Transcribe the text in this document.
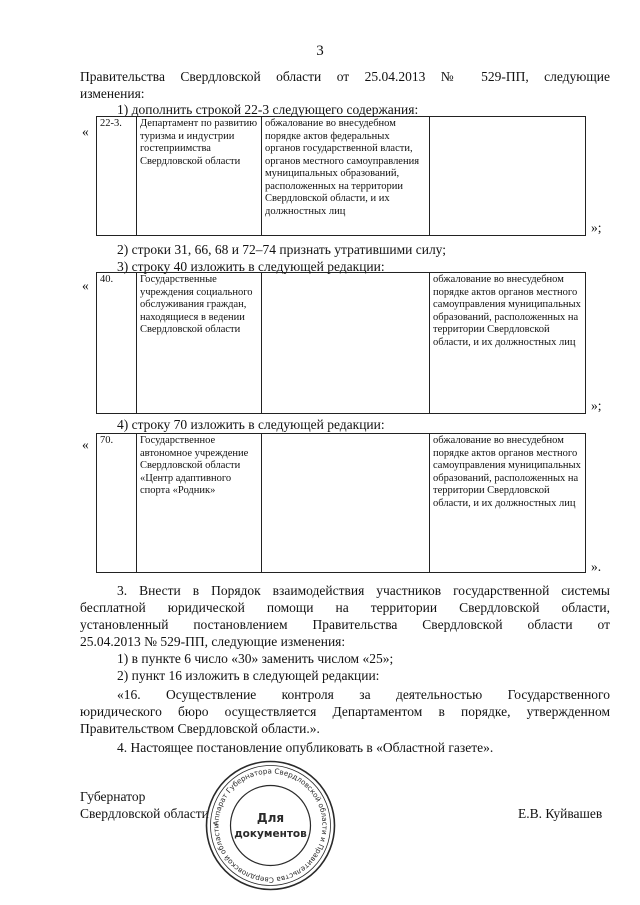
3
Правительства Свердловской области от 25.04.2013 № 529-ПП, следующие
изменения:
1) дополнить строкой 22-3 следующего содержания:
«
22-3.	Департамент по развитию туризма и индустрии гостеприимства Свердловской области	обжалование во внесудебном порядке актов федеральных органов государственной власти, органов местного самоуправления муниципальных образований, расположенных на территории Свердловской области, и их должностных лиц	
»;
2) строки 31, 66, 68 и 72–74 признать утратившими силу;
3) строку 40 изложить в следующей редакции:
« 40.	Государственные учреждения социального обслуживания граждан, находящиеся в ведении Свердловской области		обжалование во внесудебном порядке актов органов местного самоуправления муниципальных образований, расположенных на территории Свердловской области, и их должностных лиц
»;
4) строку 70 изложить в следующей редакции:
« 70.	Государственное автономное учреждение Свердловской области «Центр адаптивного спорта «Родник»		обжалование во внесудебном порядке актов органов местного самоуправления муниципальных образований, расположенных на территории Свердловской области, и их должностных лиц
».
3. Внести в Порядок взаимодействия участников государственной системы
бесплатной юридической помощи на территории Свердловской области,
установленный постановлением Правительства Свердловской области от
25.04.2013 № 529-ПП, следующие изменения:
1) в пункте 6 число «30» заменить числом «25»;
2) пункт 16 изложить в следующей редакции:
«16. Осуществление контроля за деятельностью Государственного
юридического бюро осуществляется Департаментом в порядке, утвержденном
Правительством Свердловской области.».
4. Настоящее постановление опубликовать в «Областной газете».
Губернатор
Свердловской области	Е.В. Куйвашев
Аппарат Губернатора Свердловской области и Правительства Свердловской области
Для
документов
